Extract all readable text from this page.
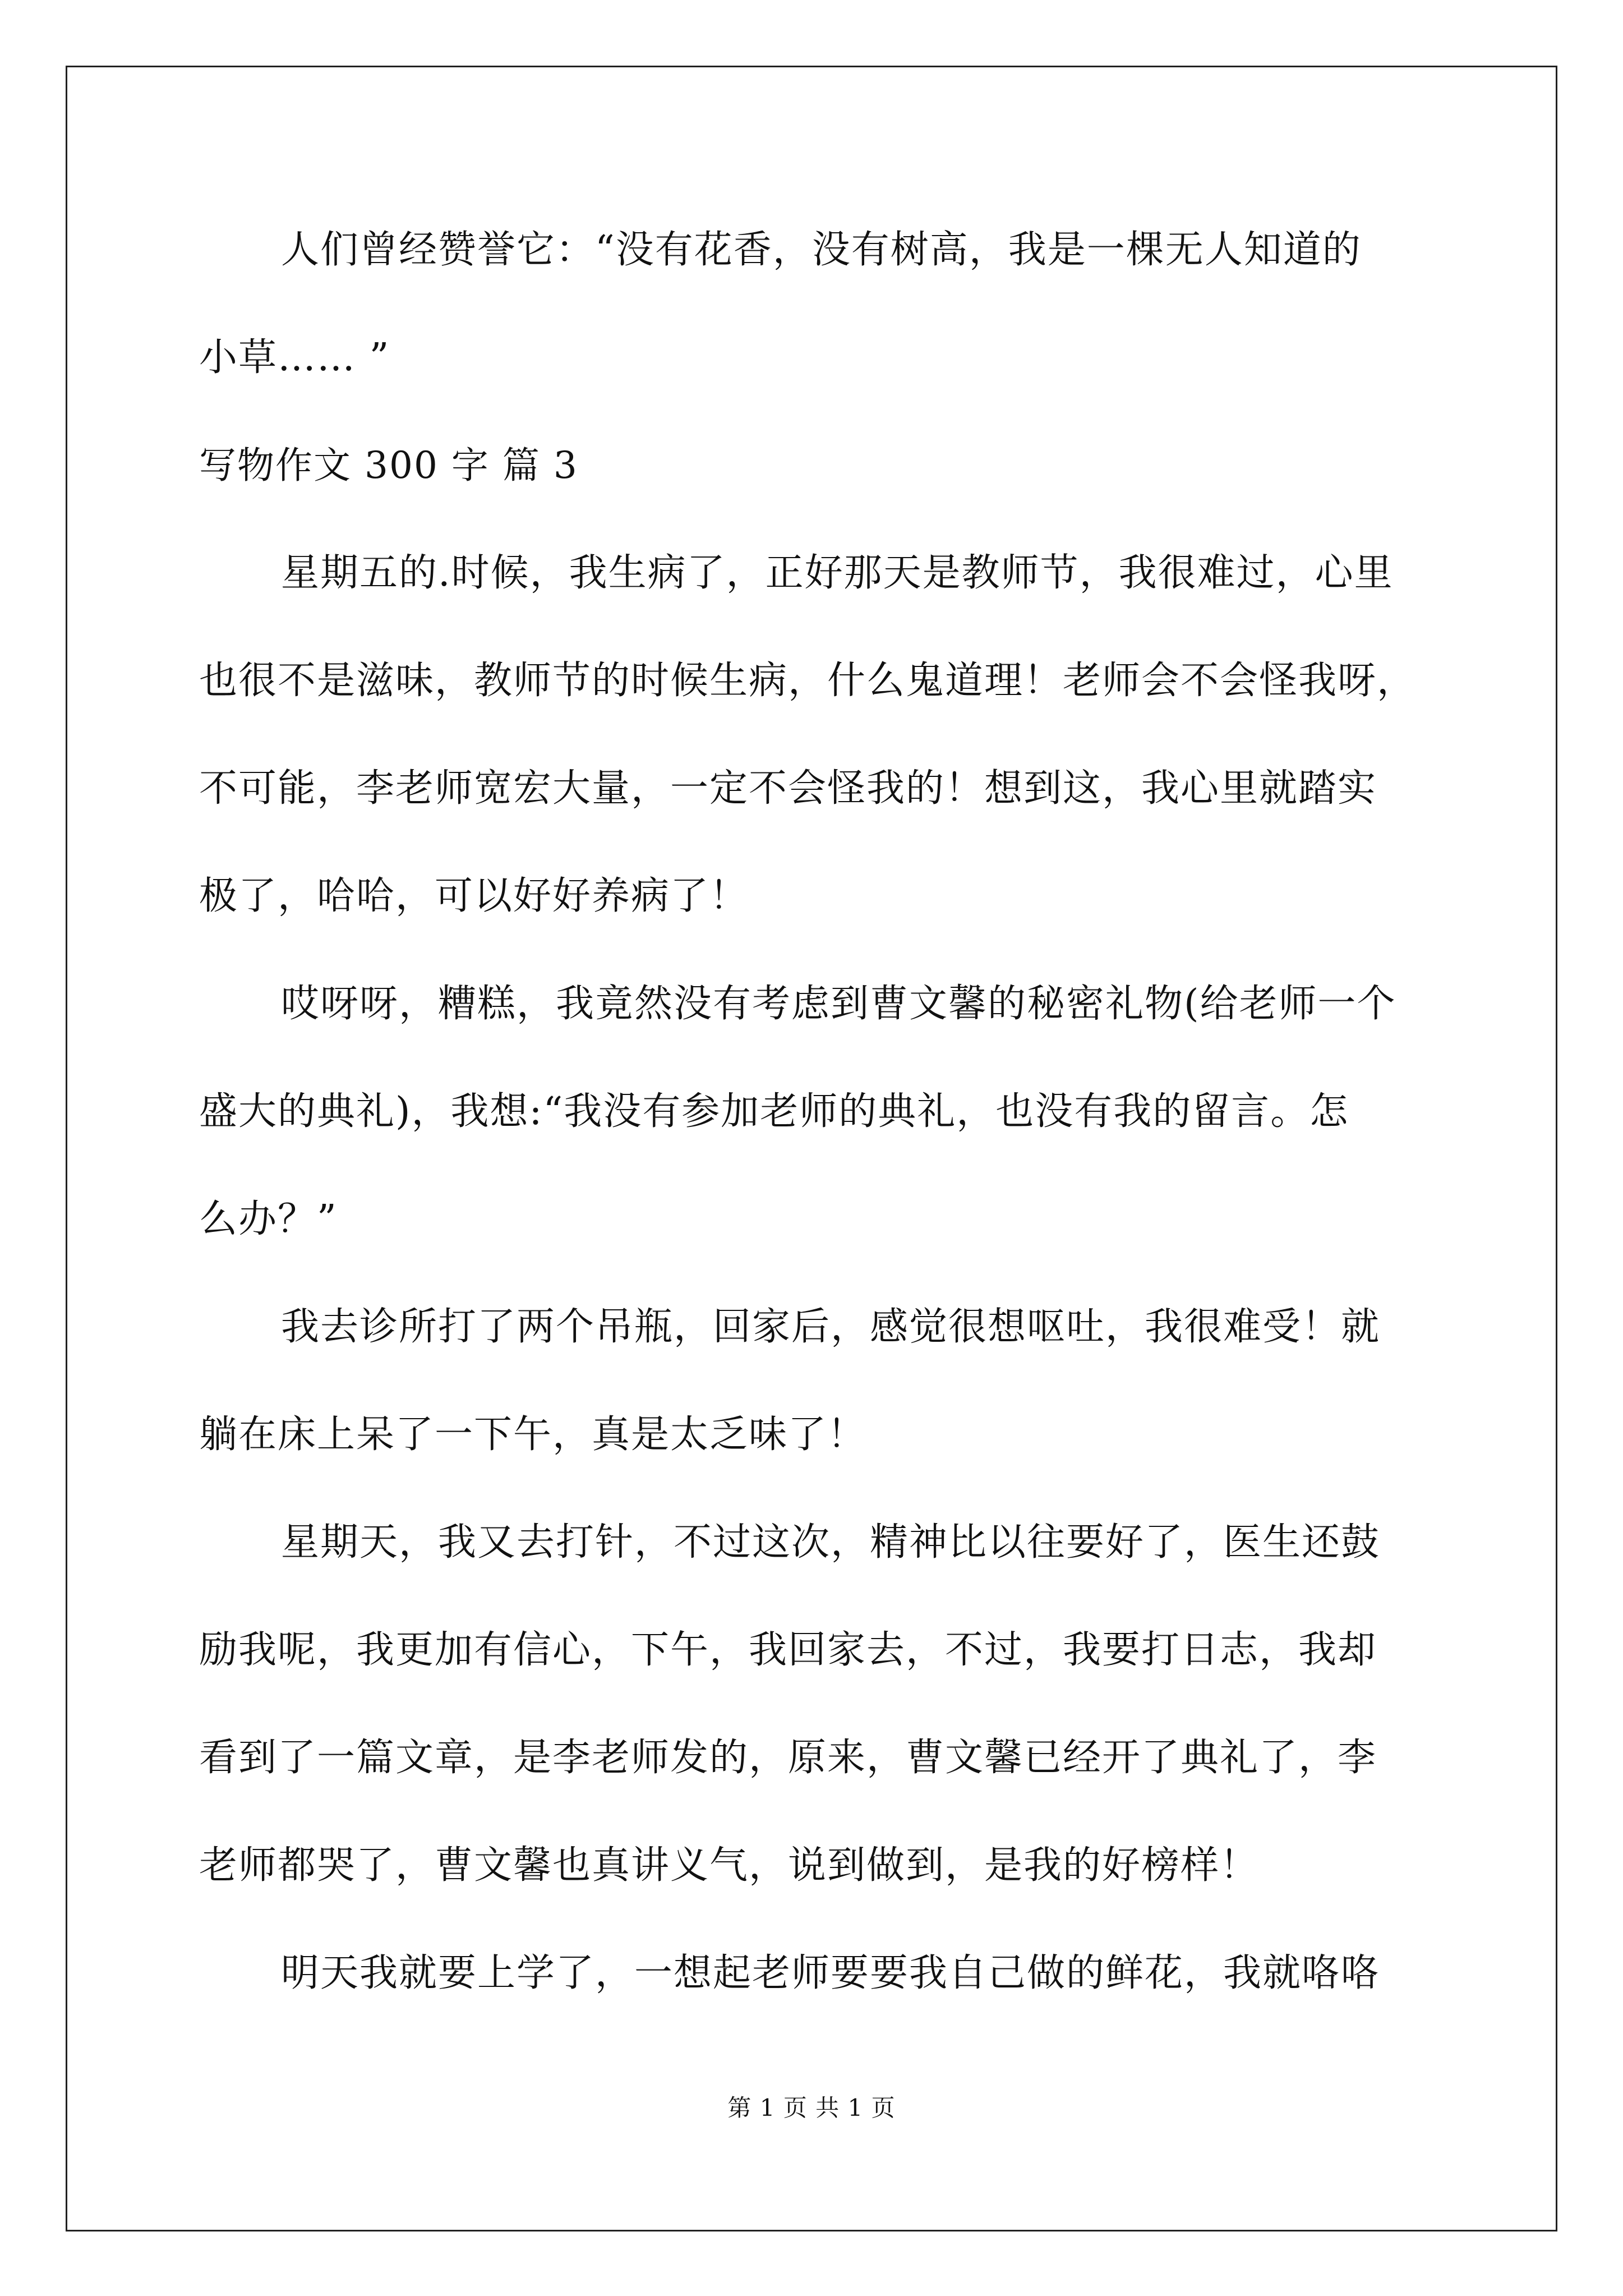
人们曾经赞誉它：“没有花香，没有树高，我是一棵无人知道的
小草…… ”
写物作文 300 字 篇 3
星期五的.时候，我生病了，正好那天是教师节，我很难过，心里
也很不是滋味，教师节的时候生病，什么鬼道理！老师会不会怪我呀，
不可能，李老师宽宏大量，一定不会怪我的！想到这，我心里就踏实
极了，哈哈，可以好好养病了！
哎呀呀，糟糕，我竟然没有考虑到曹文馨的秘密礼物(给老师一个
盛大的典礼)，我想:“我没有参加老师的典礼，也没有我的留言。怎
么办？”
我去诊所打了两个吊瓶，回家后，感觉很想呕吐，我很难受！就
躺在床上呆了一下午，真是太乏味了！
星期天，我又去打针，不过这次，精神比以往要好了，医生还鼓
励我呢，我更加有信心，下午，我回家去，不过，我要打日志，我却
看到了一篇文章，是李老师发的，原来，曹文馨已经开了典礼了，李
老师都哭了，曹文馨也真讲义气，说到做到，是我的好榜样！
明天我就要上学了，一想起老师要要我自己做的鲜花，我就咯咯
第 1 页 共 1 页
